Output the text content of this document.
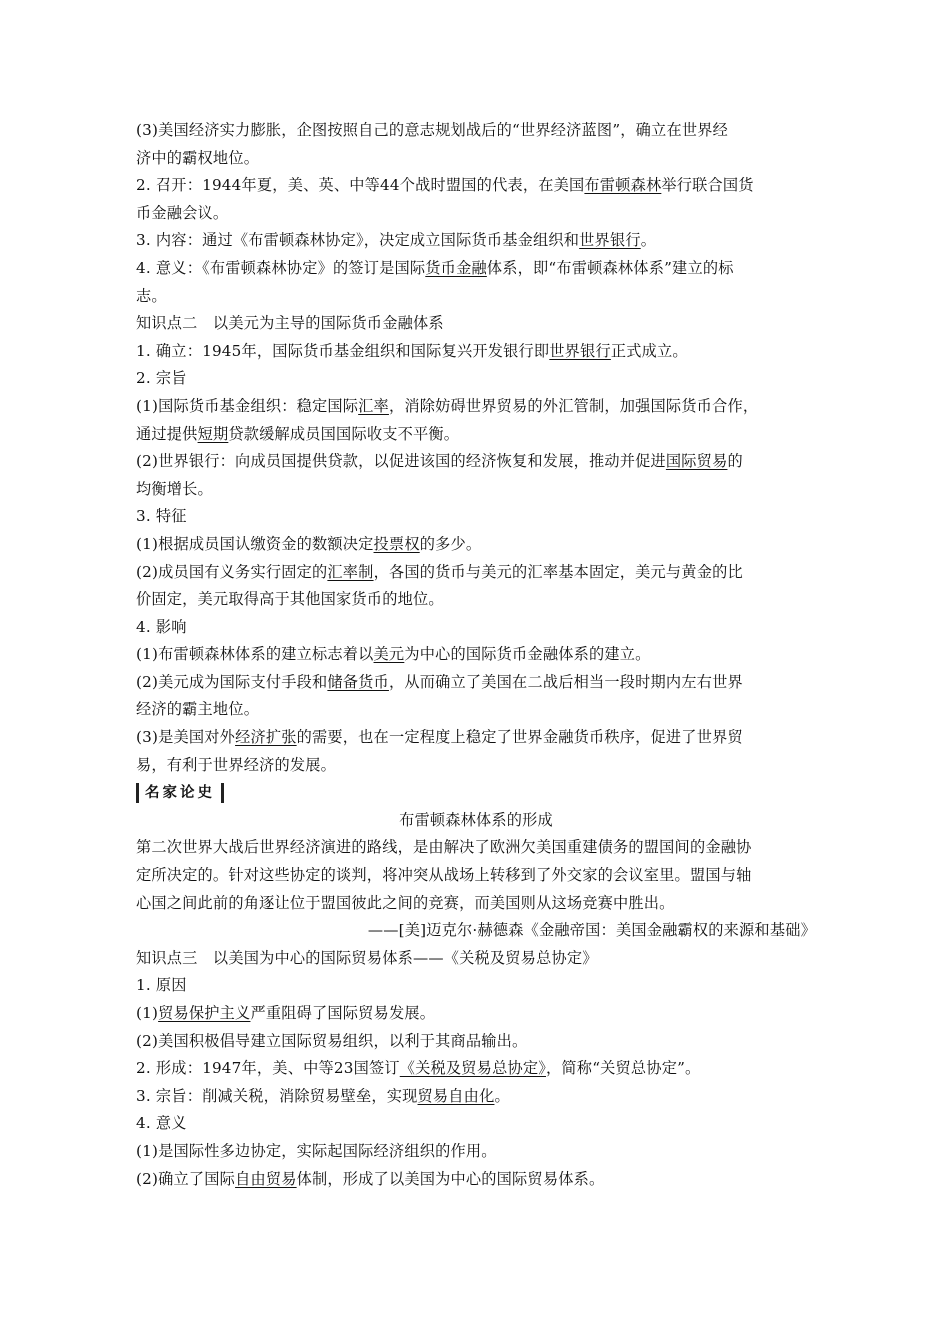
(3)美国经济实力膨胀，企图按照自己的意志规划战后的“世界经济蓝图”，确立在世界经
济中的霸权地位。
2. 召开：1944年夏，美、英、中等44个战时盟国的代表，在美国布雷顿森林举行联合国货
币金融会议。
3. 内容：通过《布雷顿森林协定》，决定成立国际货币基金组织和世界银行。
4. 意义：《布雷顿森林协定》的签订是国际货币金融体系，即“布雷顿森林体系”建立的标
志。
知识点二　以美元为主导的国际货币金融体系
1. 确立：1945年，国际货币基金组织和国际复兴开发银行即世界银行正式成立。
2. 宗旨
(1)国际货币基金组织：稳定国际汇率，消除妨碍世界贸易的外汇管制，加强国际货币合作，
通过提供短期贷款缓解成员国国际收支不平衡。
(2)世界银行：向成员国提供贷款，以促进该国的经济恢复和发展，推动并促进国际贸易的
均衡增长。
3. 特征
(1)根据成员国认缴资金的数额决定投票权的多少。
(2)成员国有义务实行固定的汇率制，各国的货币与美元的汇率基本固定，美元与黄金的比
价固定，美元取得高于其他国家货币的地位。
4. 影响
(1)布雷顿森林体系的建立标志着以美元为中心的国际货币金融体系的建立。
(2)美元成为国际支付手段和储备货币，从而确立了美国在二战后相当一段时期内左右世界
经济的霸主地位。
(3)是美国对外经济扩张的需要，也在一定程度上稳定了世界金融货币秩序，促进了世界贸
易，有利于世界经济的发展。
名家论史
布雷顿森林体系的形成
第二次世界大战后世界经济演进的路线，是由解决了欧洲欠美国重建债务的盟国间的金融协
定所决定的。针对这些协定的谈判，将冲突从战场上转移到了外交家的会议室里。盟国与轴
心国之间此前的角逐让位于盟国彼此之间的竞赛，而美国则从这场竞赛中胜出。
——[美]迈克尔·赫德森《金融帝国：美国金融霸权的来源和基础》
知识点三　以美国为中心的国际贸易体系——《关税及贸易总协定》
1. 原因
(1)贸易保护主义严重阻碍了国际贸易发展。
(2)美国积极倡导建立国际贸易组织，以利于其商品输出。
2. 形成：1947年，美、中等23国签订《关税及贸易总协定》，简称“关贸总协定”。
3. 宗旨：削减关税，消除贸易壁垒，实现贸易自由化。
4. 意义
(1)是国际性多边协定，实际起国际经济组织的作用。
(2)确立了国际自由贸易体制，形成了以美国为中心的国际贸易体系。
